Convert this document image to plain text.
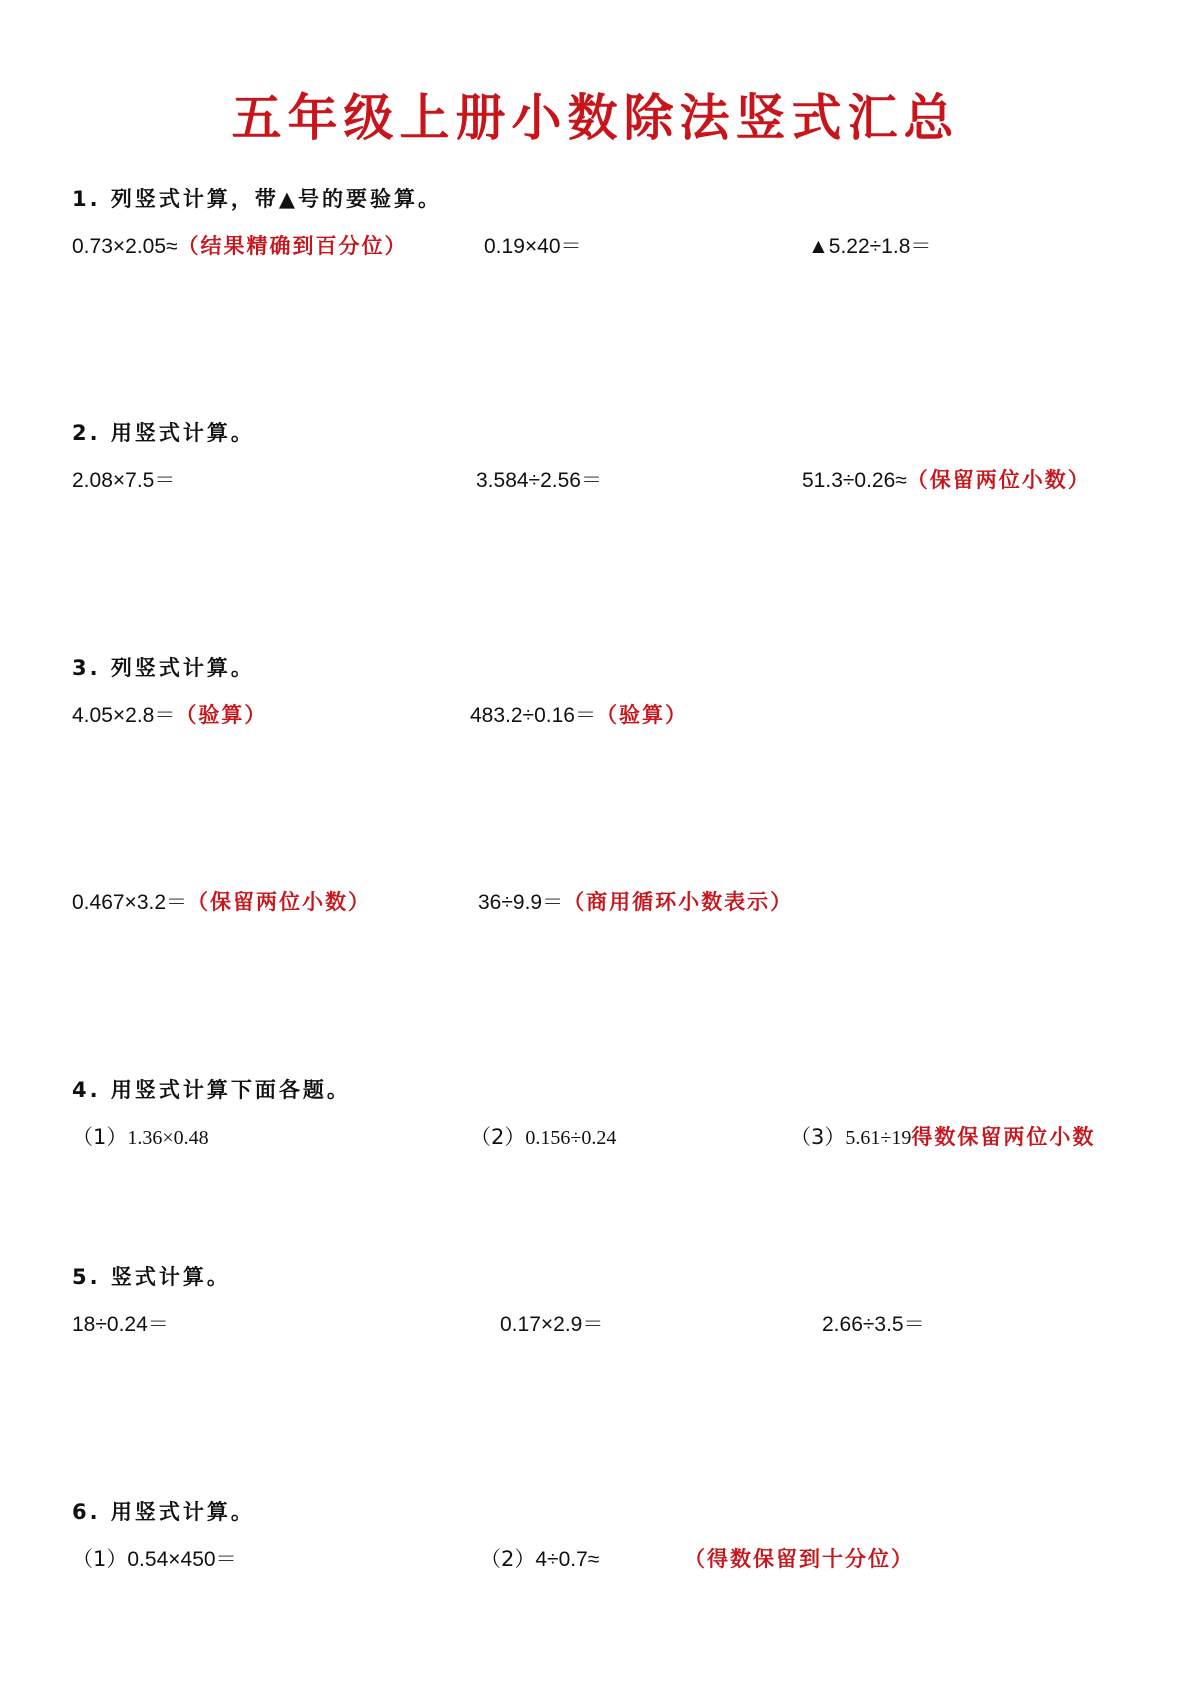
五年级上册小数除法竖式汇总
1. 列竖式计算，带▲号的要验算。
0.73×2.05≈（结果精确到百分位）	0.19×40＝	▲5.22÷1.8＝
2. 用竖式计算。
2.08×7.5＝	3.584÷2.56＝	51.3÷0.26≈（保留两位小数）
3. 列竖式计算。
4.05×2.8＝（验算）	483.2÷0.16＝（验算）
0.467×3.2＝（保留两位小数）	36÷9.9＝（商用循环小数表示）
4. 用竖式计算下面各题。
（1）1.36×0.48	（2）0.156÷0.24	（3）5.61÷19得数保留两位小数
5. 竖式计算。
18÷0.24＝	0.17×2.9＝	2.66÷3.5＝
6. 用竖式计算。
（1）0.54×450＝	（2）4÷0.7≈	（得数保留到十分位）
